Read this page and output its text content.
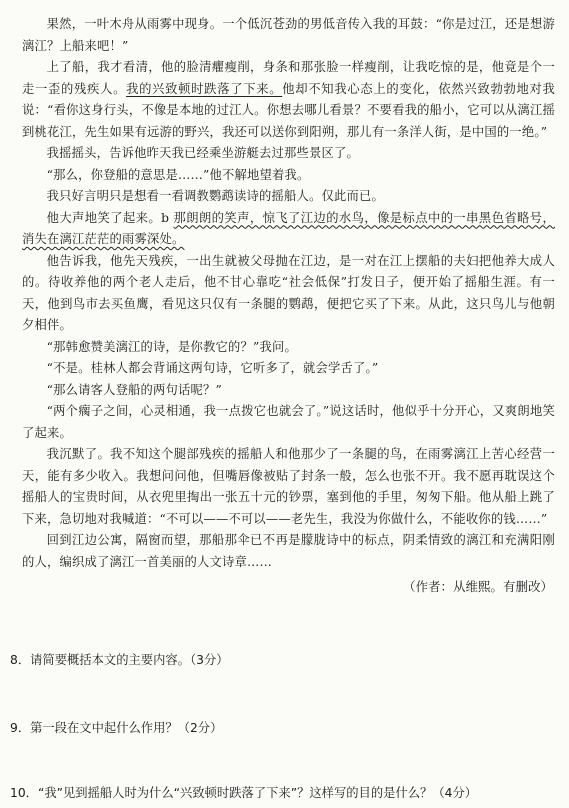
果然，一叶木舟从雨雾中现身。一个低沉苍劲的男低音传入我的耳鼓：“你是过江，还是想游漓江？上船来吧！”

上了船，我才看清，他的脸清癯瘦削，身条和那张脸一样瘦削，让我吃惊的是，他竟是个一走一歪的残疾人。我的兴致顿时跌落了下来。他却不知我心态上的变化，依然兴致勃勃地对我说：“看你这身行头，不像是本地的过江人。你想去哪儿看景？不要看我的船小，它可以从漓江摇到桃花江，先生如果有远游的野兴，我还可以送你到阳朔，那儿有一条洋人街，是中国的一绝。”

我摇摇头，告诉他昨天我已经乘坐游艇去过那些景区了。

“那么，你登船的意思是……”他不解地望着我。

我只好言明只是想看一看调教鹦鹉读诗的摇船人。仅此而已。

他大声地笑了起来。b 那朗朗的笑声，惊飞了江边的水鸟，像是标点中的一串黑色省略号，消失在漓江茫茫的雨雾深处。

他告诉我，他先天残疾，一出生就被父母抛在江边，是一对在江上摆船的夫妇把他养大成人的。待收养他的两个老人走后，他不甘心靠吃“社会低保”打发日子，便开始了摇船生涯。有一天，他到鸟市去买鱼鹰，看见这只仅有一条腿的鹦鹉，便把它买了下来。从此，这只鸟儿与他朝夕相伴。

“那韩愈赞美漓江的诗，是你教它的？”我问。

“不是。桂林人都会背诵这两句诗，它听多了，就会学舌了。”

“那么请客人登船的两句话呢？”

“两个瘸子之间，心灵相通，我一点拨它也就会了。”说这话时，他似乎十分开心，又爽朗地笑了起来。

我沉默了。我不知这个腿部残疾的摇船人和他那少了一条腿的鸟，在雨雾漓江上苦心经营一天，能有多少收入。我想问问他，但嘴唇像被贴了封条一般，怎么也张不开。我不愿再耽误这个摇船人的宝贵时间，从衣兜里掏出一张五十元的钞票，塞到他的手里，匆匆下船。他从船上跳了下来，急切地对我喊道：“不可以——不可以——老先生，我没为你做什么，不能收你的钱……”

回到江边公寓，隔窗而望，那船那伞已不再是朦胧诗中的标点，阴柔情致的漓江和充满阳刚的人，编织成了漓江一首美丽的人文诗章……

（作者：从维熙。有删改）

8．请简要概括本文的主要内容。（3分）

9．第一段在文中起什么作用？（2分）

10．“我”见到摇船人时为什么“兴致顿时跌落了下来”？这样写的目的是什么？（4分）
